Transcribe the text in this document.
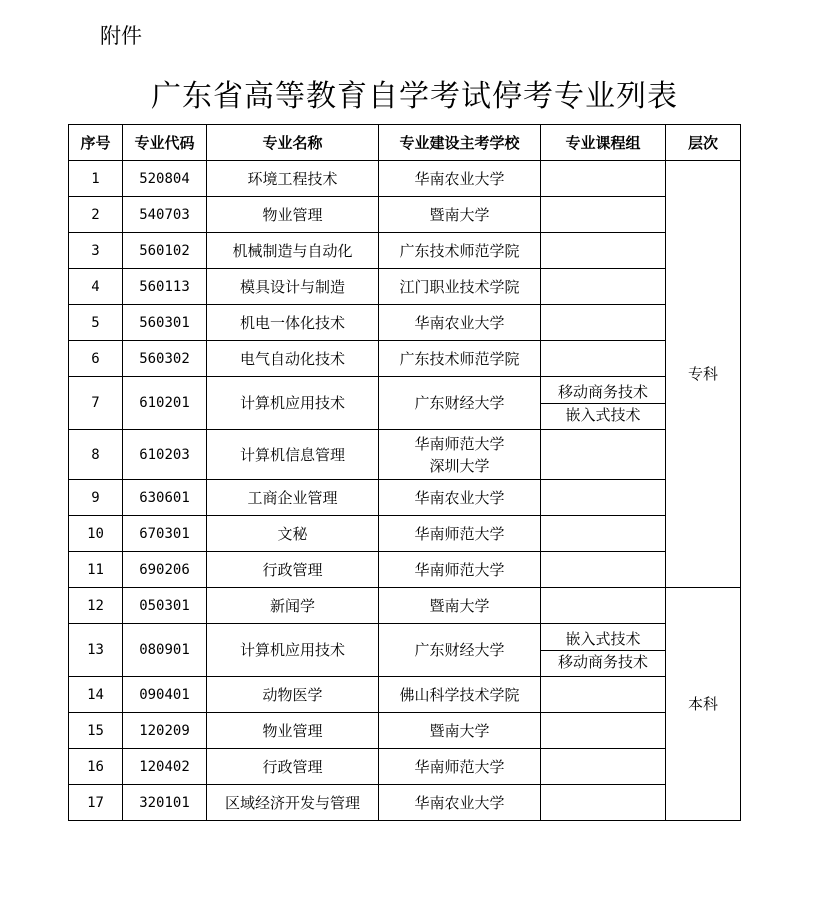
附件
广东省高等教育自学考试停考专业列表
序号	专业代码	专业名称	专业建设主考学校	专业课程组	层次
1	520804	环境工程技术	华南农业大学		专科
2	540703	物业管理	暨南大学		
3	560102	机械制造与自动化	广东技术师范学院		
4	560113	模具设计与制造	江门职业技术学院		
5	560301	机电一体化技术	华南农业大学		
6	560302	电气自动化技术	广东技术师范学院		
7	610201	计算机应用技术	广东财经大学	移动商务技术
嵌入式技术	

8	610203	计算机信息管理	华南师范大学
深圳大学		

9	630601	工商企业管理	华南农业大学		
10	670301	文秘	华南师范大学		
11	690206	行政管理	华南师范大学		
12	050301	新闻学	暨南大学		本科
13	080901	计算机应用技术	广东财经大学	嵌入式技术
移动商务技术	

14	090401	动物医学	佛山科学技术学院		
15	120209	物业管理	暨南大学		
16	120402	行政管理	华南师范大学		
17	320101	区域经济开发与管理	华南农业大学		
